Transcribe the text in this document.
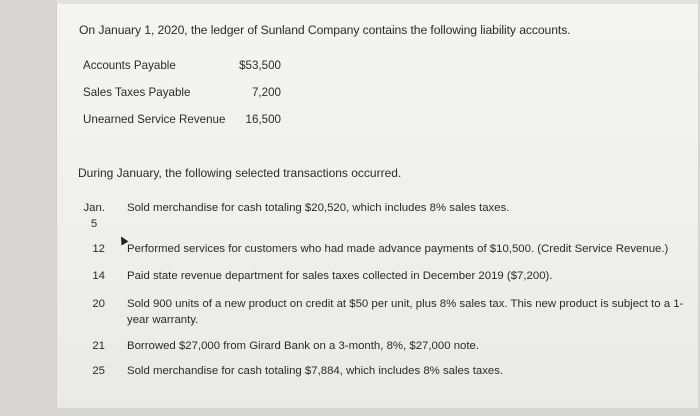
On January 1, 2020, the ledger of Sunland Company contains the following liability accounts.
Accounts Payable	$53,500
Sales Taxes Payable	7,200
Unearned Service Revenue 16,500
During January, the following selected transactions occurred.
Jan.
5
Sold merchandise for cash totaling $20,520, which includes 8% sales taxes.
12 Performed services for customers who had made advance payments of $10,500. (Credit Service Revenue.)
14 Paid state revenue department for sales taxes collected in December 2019 ($7,200).
20 Sold 900 units of a new product on credit at $50 per unit, plus 8% sales tax. This new product is subject to a 1-year warranty.
21 Borrowed $27,000 from Girard Bank on a 3-month, 8%, $27,000 note.
25 Sold merchandise for cash totaling $7,884, which includes 8% sales taxes.
